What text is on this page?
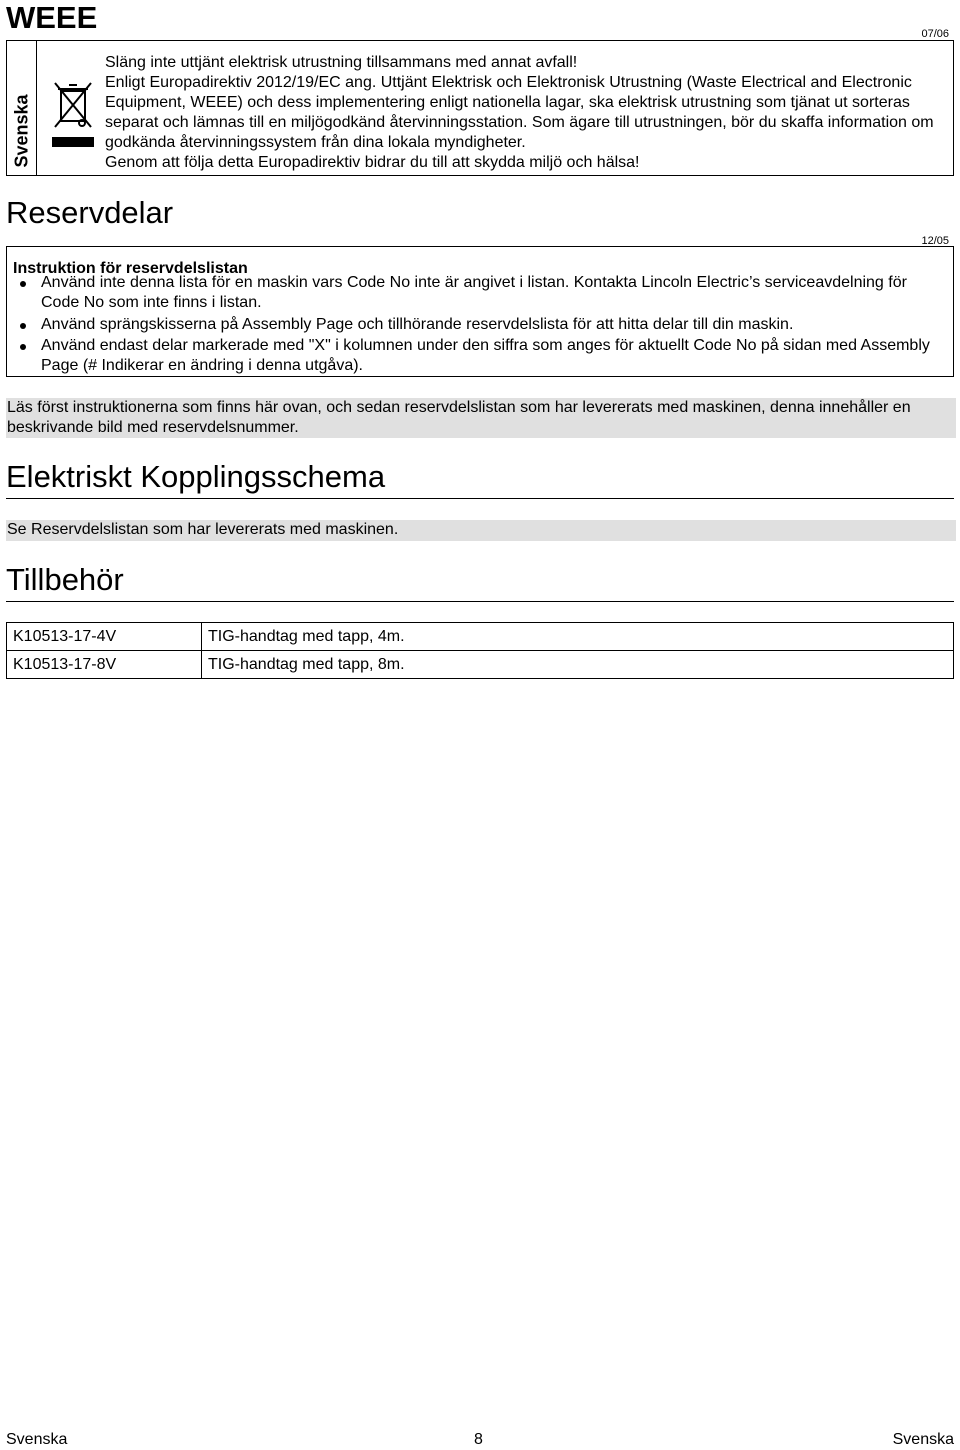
WEEE	07/06
Svenska

Släng inte uttjänt elektrisk utrustning tillsammans med annat avfall!

Enligt Europadirektiv 2012/19/EC ang. Uttjänt Elektrisk och Elektronisk Utrustning (Waste Electrical and Electronic Equipment, WEEE) och dess implementering enligt nationella lagar, ska elektrisk utrustning som tjänat ut sorteras separat och lämnas till en miljögodkänd återvinningsstation. Som ägare till utrustningen, bör du skaffa information om godkända återvinningssystem från dina lokala myndigheter.

Genom att följa detta Europadirektiv bidrar du till att skydda miljö och hälsa!

Reservdelar
12/05
Instruktion för reservdelslistan
Använd inte denna lista för en maskin vars Code No inte är angivet i listan. Kontakta Lincoln Electric’s serviceavdelning för Code No som inte finns i listan.
Använd sprängskisserna på Assembly Page och tillhörande reservdelslista för att hitta delar till din maskin.
Använd endast delar markerade med "X" i kolumnen under den siffra som anges för aktuellt Code No på sidan med Assembly Page (# Indikerar en ändring i denna utgåva).
Läs först instruktionerna som finns här ovan, och sedan reservdelslistan som har levererats med maskinen, denna innehåller en beskrivande bild med reservdelsnummer.
Elektriskt Kopplingsschema
Se Reservdelslistan som har levererats med maskinen.
Tillbehör
K10513-17-4V	TIG-handtag med tapp, 4m.
K10513-17-8V	TIG-handtag med tapp, 8m.
Svenska	8	Svenska
